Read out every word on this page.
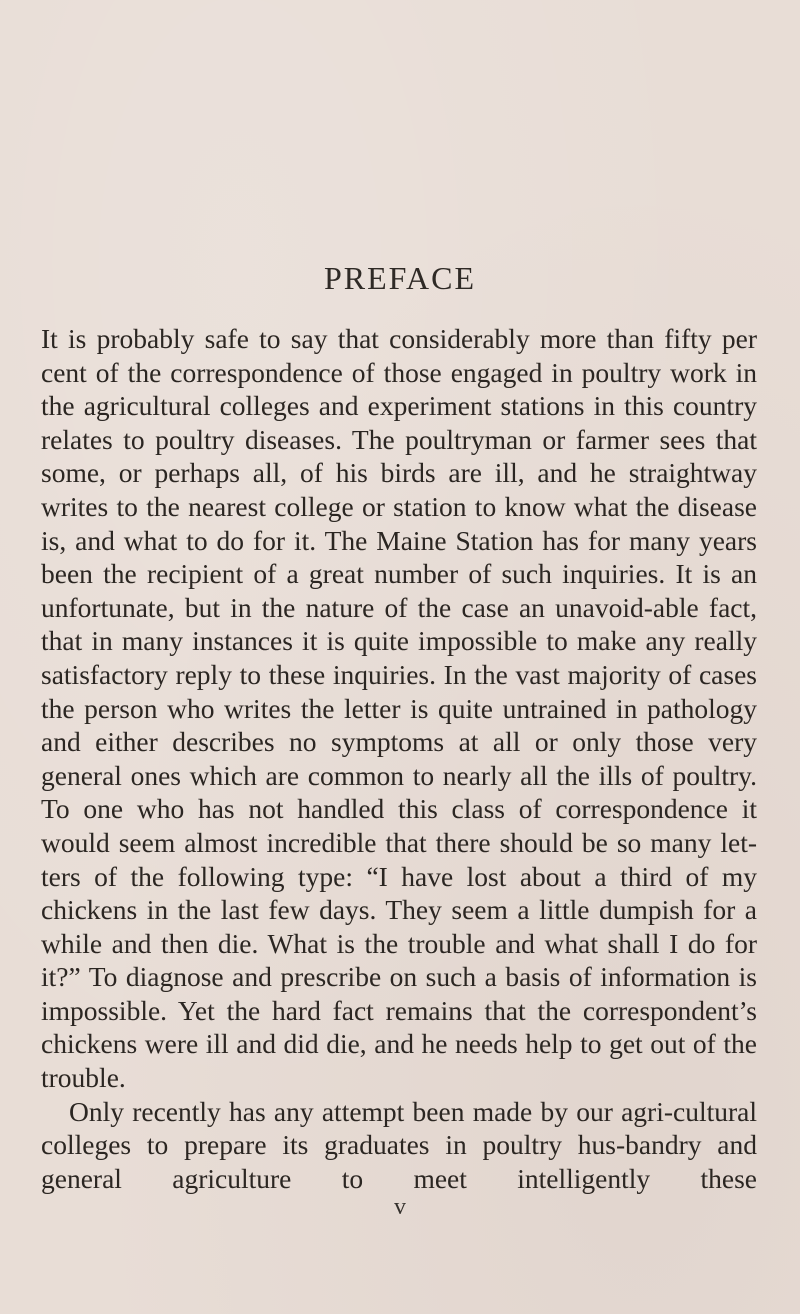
PREFACE

It is probably safe to say that considerably more than fifty per cent of the correspondence of those engaged in poultry work in the agricultural colleges and experiment stations in this country relates to poultry diseases. The poultryman or farmer sees that some, or perhaps all, of his birds are ill, and he straightway writes to the nearest college or station to know what the disease is, and what to do for it. The Maine Station has for many years been the recipient of a great number of such inquiries. It is an unfortunate, but in the nature of the case an unavoid-able fact, that in many instances it is quite impossible to make any really satisfactory reply to these inquiries. In the vast majority of cases the person who writes the letter is quite untrained in pathology and either describes no symptoms at all or only those very general ones which are common to nearly all the ills of poultry. To one who has not handled this class of correspondence it would seem almost incredible that there should be so many let-ters of the following type: “I have lost about a third of my chickens in the last few days. They seem a little dumpish for a while and then die. What is the trouble and what shall I do for it?” To diagnose and prescribe on such a basis of information is impossible. Yet the hard fact remains that the correspondent’s chickens were ill and did die, and he needs help to get out of the trouble.

Only recently has any attempt been made by our agri-cultural colleges to prepare its graduates in poultry hus-bandry and general agriculture to meet intelligently these

v
